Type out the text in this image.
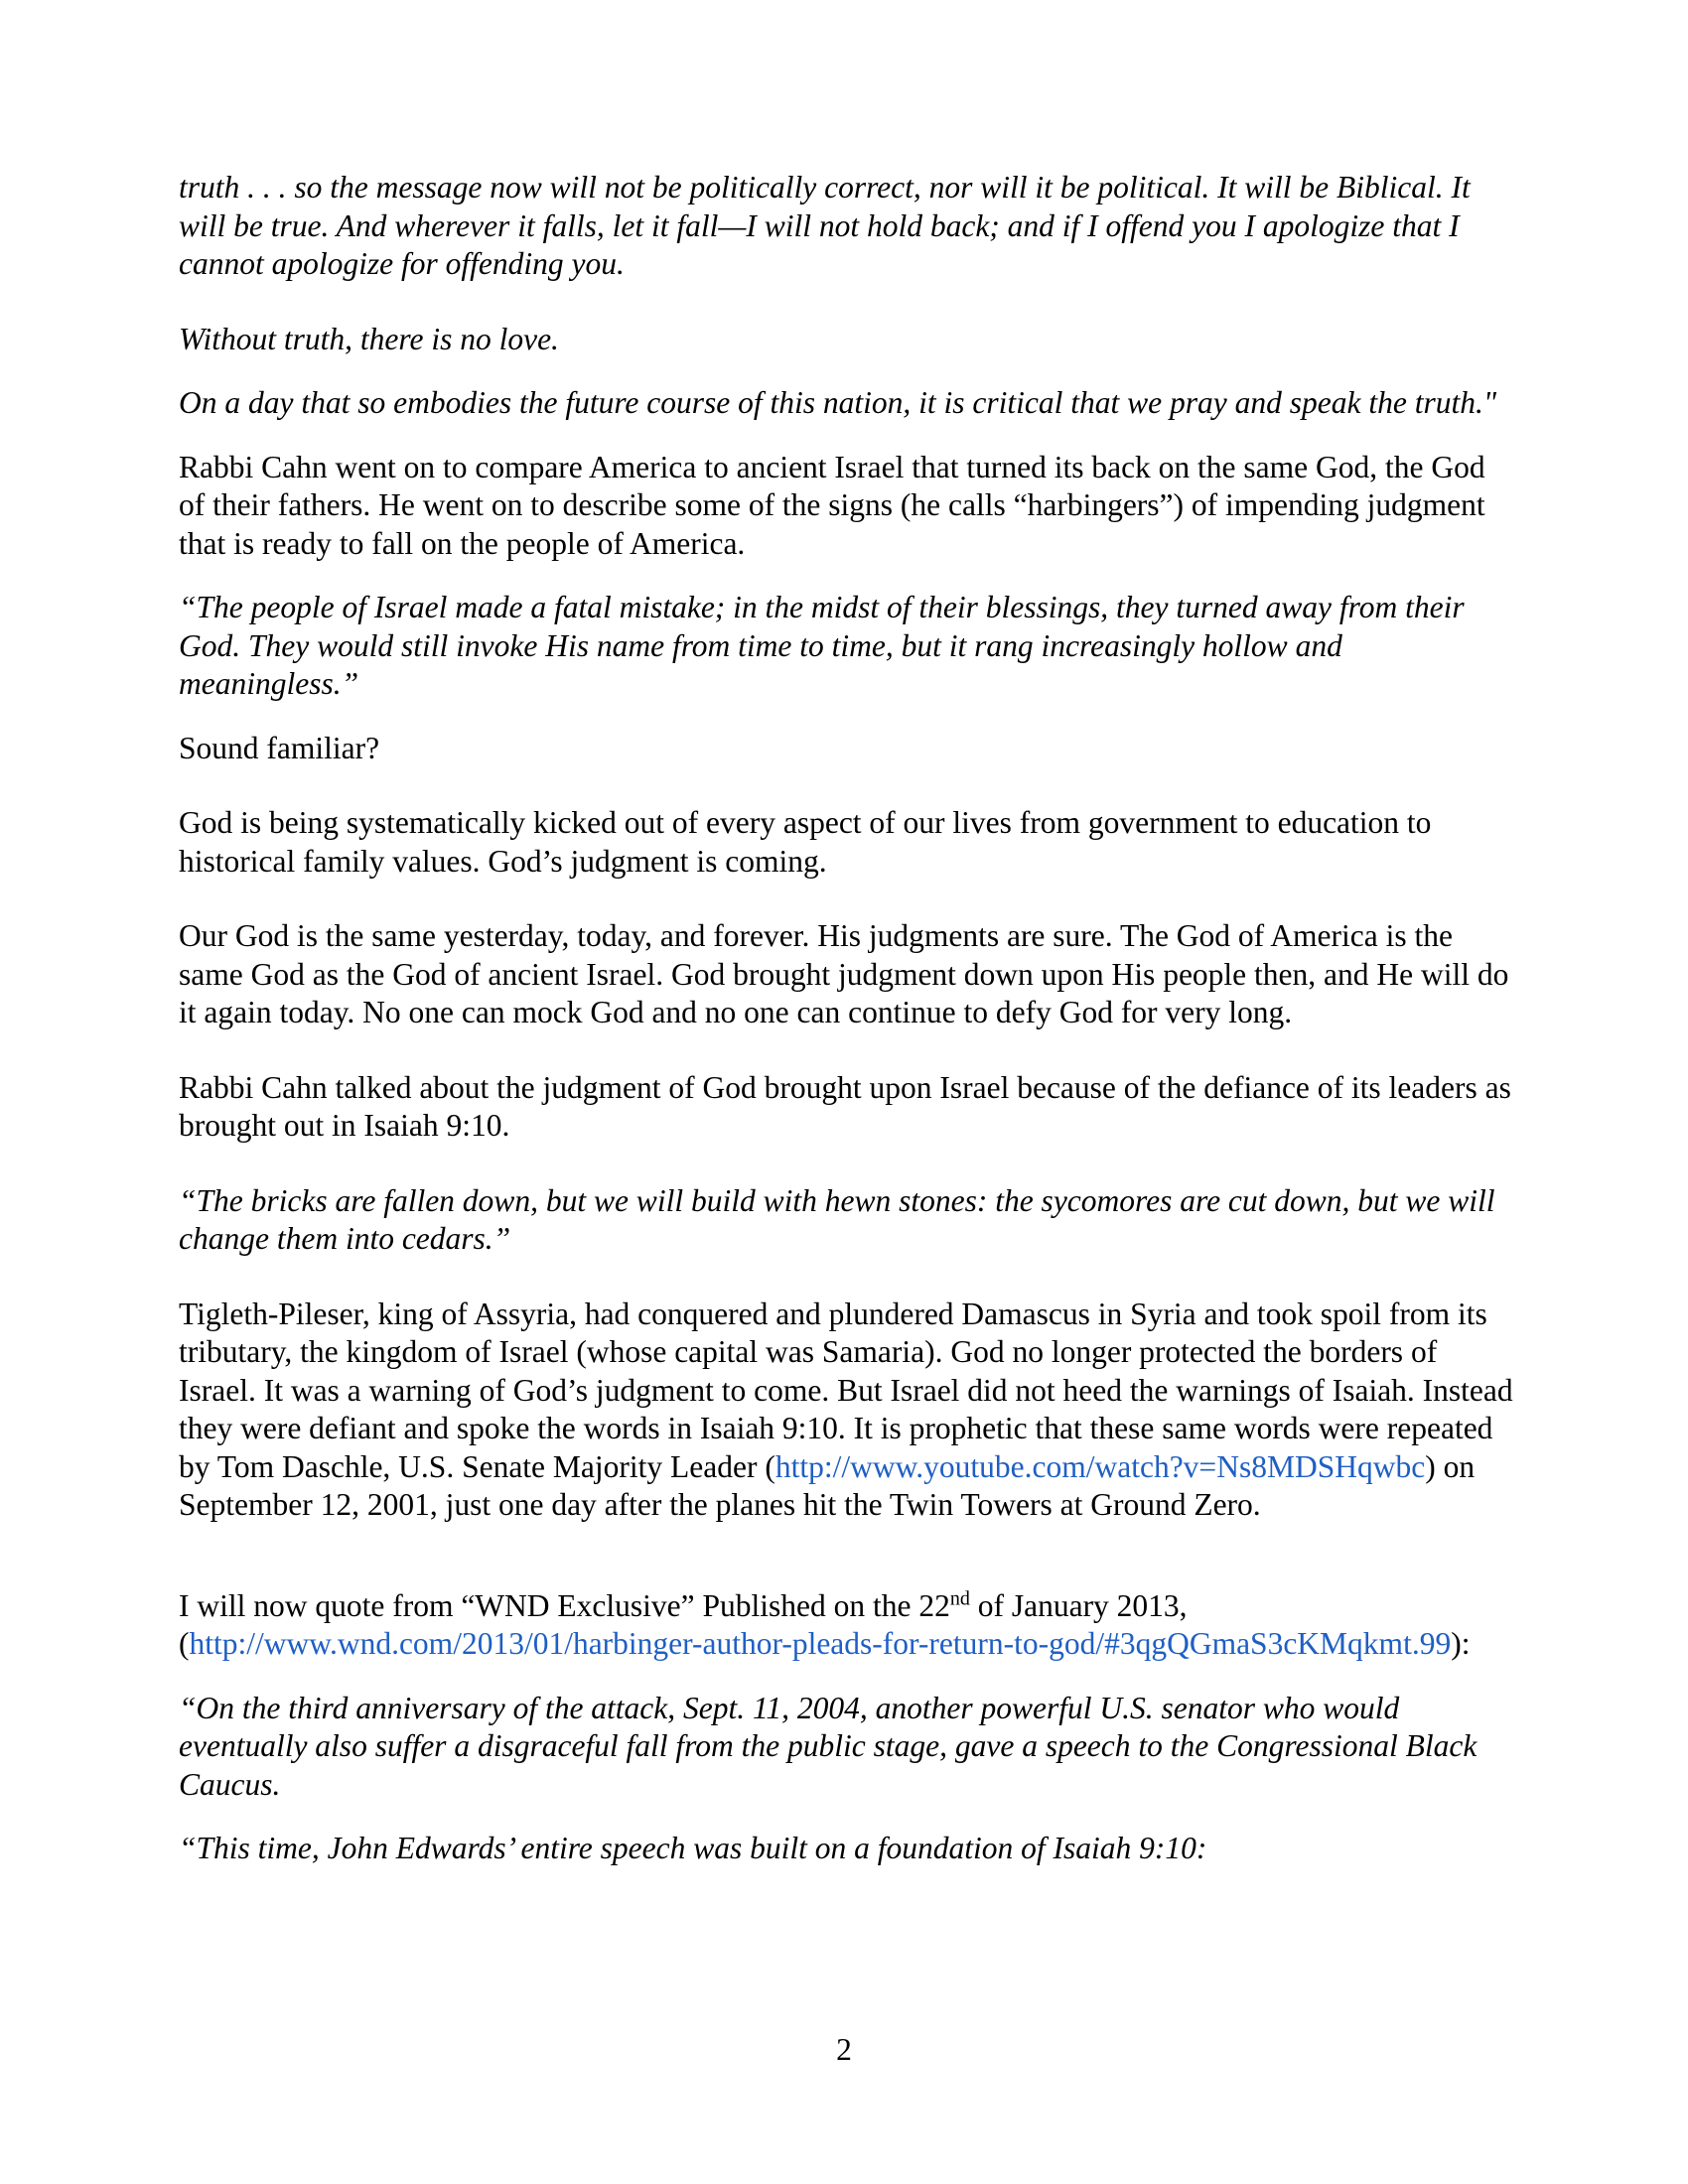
truth . . . so the message now will not be politically correct, nor will it be political. It will be Biblical. It will be true. And wherever it falls, let it fall—I will not hold back; and if I offend you I apologize that I cannot apologize for offending you.

Without truth, there is no love.

On a day that so embodies the future course of this nation, it is critical that we pray and speak the truth."

Rabbi Cahn went on to compare America to ancient Israel that turned its back on the same God, the God of their fathers. He went on to describe some of the signs (he calls “harbingers”) of impending judgment that is ready to fall on the people of America.

“The people of Israel made a fatal mistake; in the midst of their blessings, they turned away from their God. They would still invoke His name from time to time, but it rang increasingly hollow and meaningless.”

Sound familiar?

God is being systematically kicked out of every aspect of our lives from government to education to historical family values. God’s judgment is coming.

Our God is the same yesterday, today, and forever. His judgments are sure. The God of America is the same God as the God of ancient Israel. God brought judgment down upon His people then, and He will do it again today. No one can mock God and no one can continue to defy God for very long.

Rabbi Cahn talked about the judgment of God brought upon Israel because of the defiance of its leaders as brought out in Isaiah 9:10.

“The bricks are fallen down, but we will build with hewn stones: the sycomores are cut down, but we will change them into cedars.”

Tigleth-Pileser, king of Assyria, had conquered and plundered Damascus in Syria and took spoil from its tributary, the kingdom of Israel (whose capital was Samaria). God no longer protected the borders of Israel. It was a warning of God’s judgment to come. But Israel did not heed the warnings of Isaiah. Instead they were defiant and spoke the words in Isaiah 9:10. It is prophetic that these same words were repeated by Tom Daschle, U.S. Senate Majority Leader (http://www.youtube.com/watch?v=Ns8MDSHqwbc) on September 12, 2001, just one day after the planes hit the Twin Towers at Ground Zero.

I will now quote from “WND Exclusive” Published on the 22nd of January 2013,
(http://www.wnd.com/2013/01/harbinger-author-pleads-for-return-to-god/#3qgQGmaS3cKMqkmt.99):

“On the third anniversary of the attack, Sept. 11, 2004, another powerful U.S. senator who would eventually also suffer a disgraceful fall from the public stage, gave a speech to the Congressional Black Caucus.

“This time, John Edwards’ entire speech was built on a foundation of Isaiah 9:10:

2
